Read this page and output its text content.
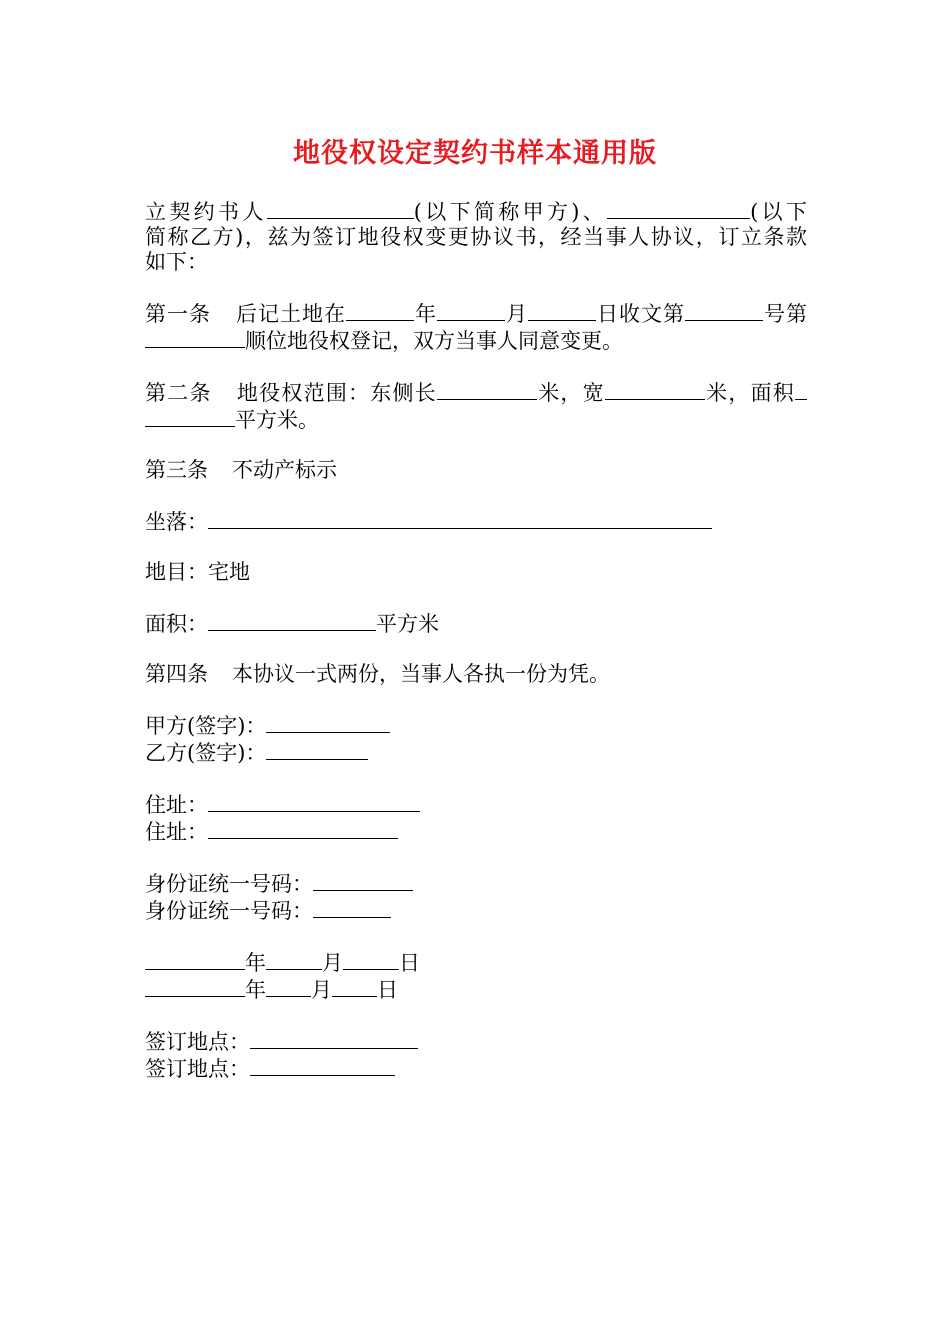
地役权设定契约书样本通用版

立契约书人	(以下简称甲方)、	(以下

简称乙方)，兹为签订地役权变更协议书，经当事人协议，订立条款

如下：

第一条 后记土地在	年	月	日收文第	号第

顺位地役权登记，双方当事人同意变更。

第二条 地役权范围：东侧长	米，宽	米，面积

平方米。

第三条 不动产标示

坐落：

地目：宅地

面积：	平方米

第四条 本协议一式两份，当事人各执一份为凭。

甲方(签字)：

乙方(签字)：

住址：

住址：

身份证统一号码：

身份证统一号码：

年	月	日

年 月 日

签订地点：

签订地点：
